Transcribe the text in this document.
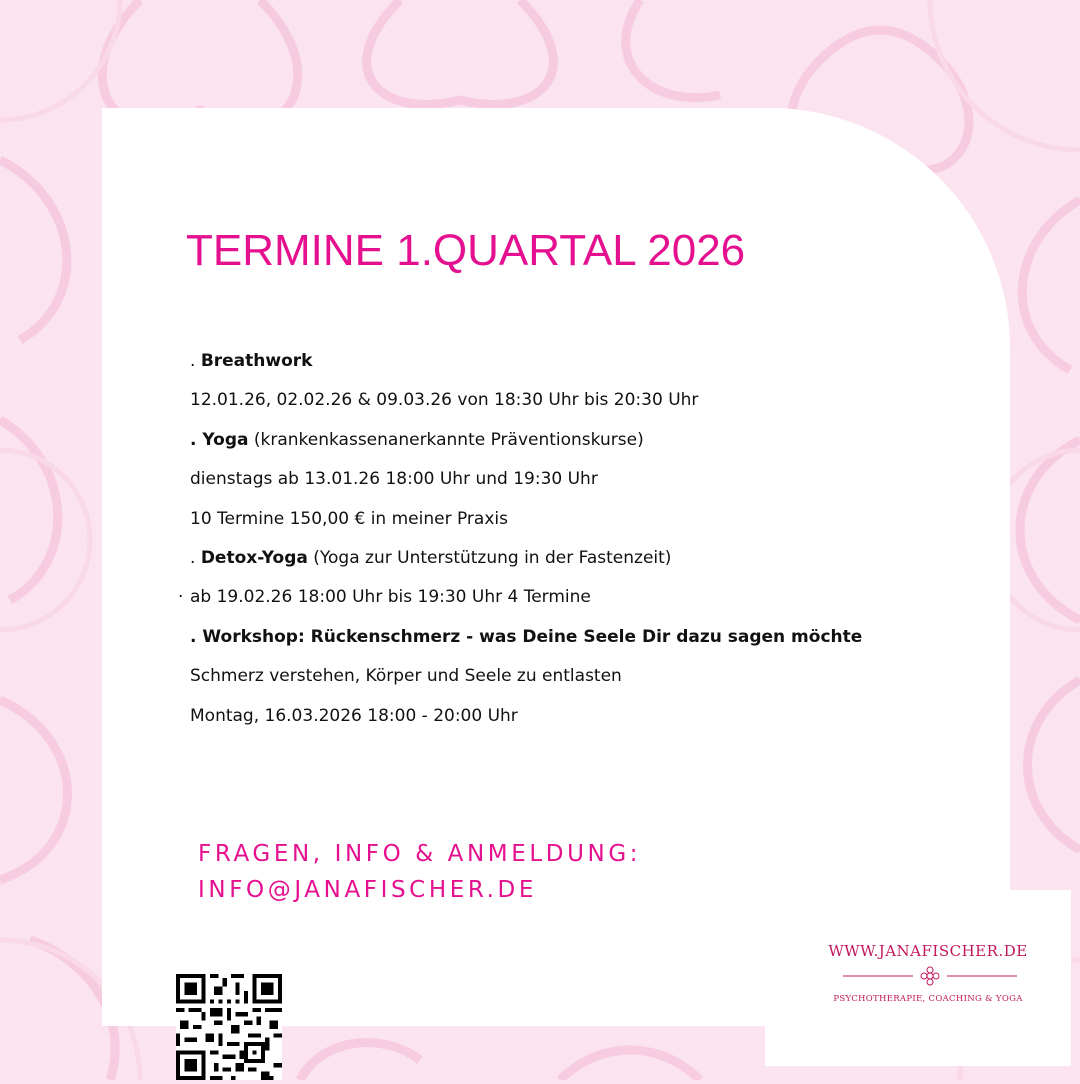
TERMINE 1.QUARTAL 2026
. Breathwork
12.01.26, 02.02.26 & 09.03.26 von 18:30 Uhr bis 20:30 Uhr
. Yoga (krankenkassenanerkannte Präventionskurse)
dienstags ab 13.01.26 18:00 Uhr und 19:30 Uhr
10 Termine 150,00 € in meiner Praxis
. Detox-Yoga (Yoga zur Unterstützung in der Fastenzeit)
· ab 19.02.26 18:00 Uhr bis 19:30 Uhr 4 Termine
. Workshop: Rückenschmerz - was Deine Seele Dir dazu sagen möchte
Schmerz verstehen, Körper und Seele zu entlasten
Montag, 16.03.2026 18:00 - 20:00 Uhr
FRAGEN, INFO & ANMELDUNG:
INFO@JANAFISCHER.DE
WWW.JANAFISCHER.DE
PSYCHOTHERAPIE, COACHING & YOGA
